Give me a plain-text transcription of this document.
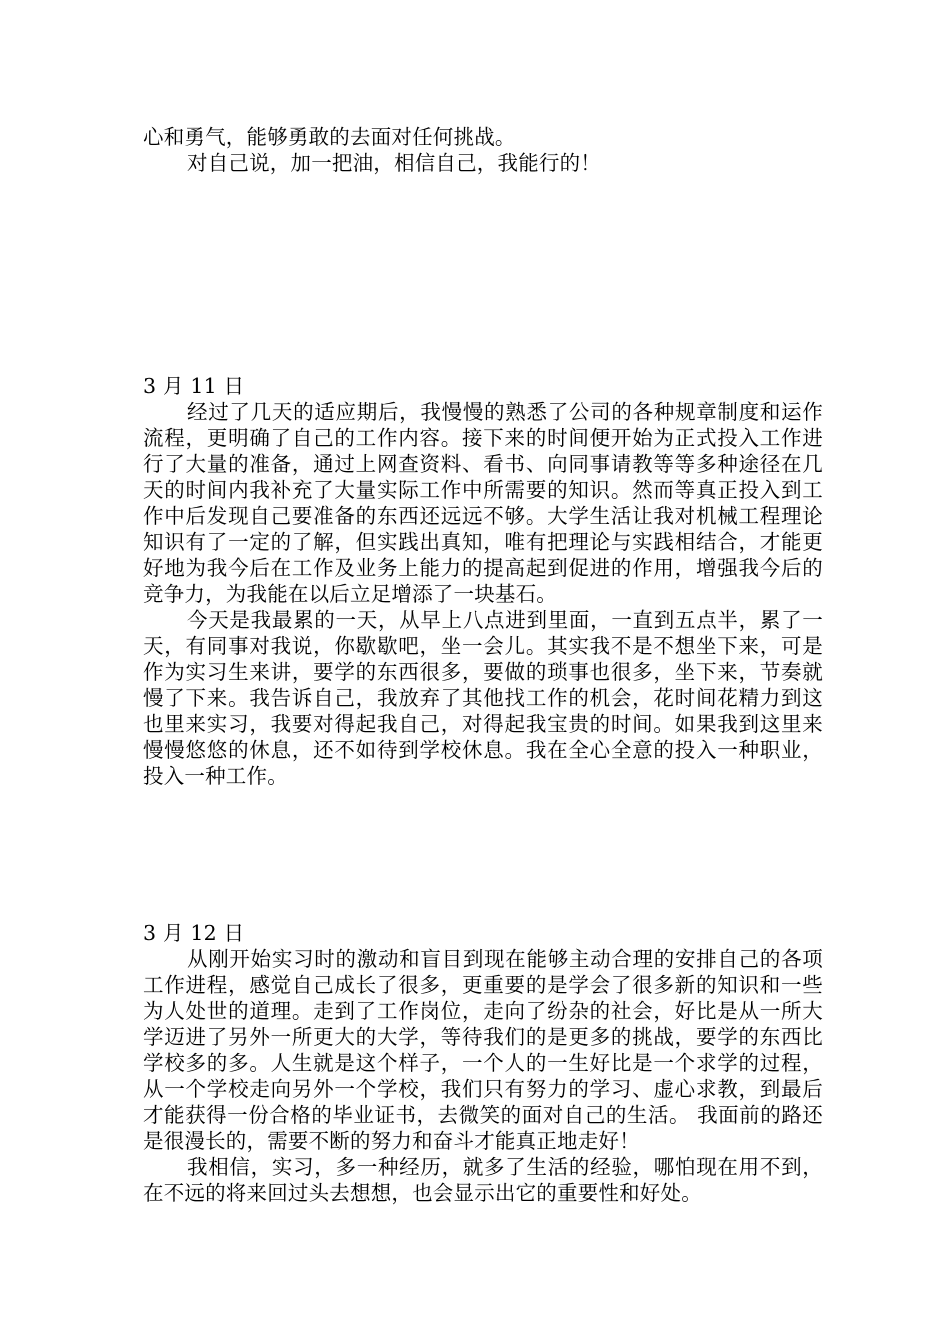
心和勇气，能够勇敢的去面对任何挑战。

对自己说，加一把油，相信自己，我能行的！

3 月 11 日

经过了几天的适应期后，我慢慢的熟悉了公司的各种规章制度和运作流程，更明确了自己的工作内容。接下来的时间便开始为正式投入工作进行了大量的准备，通过上网查资料、看书、向同事请教等等多种途径在几天的时间内我补充了大量实际工作中所需要的知识。然而等真正投入到工作中后发现自己要准备的东西还远远不够。大学生活让我对机械工程理论知识有了一定的了解，但实践出真知，唯有把理论与实践相结合，才能更好地为我今后在工作及业务上能力的提高起到促进的作用，增强我今后的竞争力，为我能在以后立足增添了一块基石。

今天是我最累的一天，从早上八点进到里面，一直到五点半，累了一天，有同事对我说，你歇歇吧，坐一会儿。其实我不是不想坐下来，可是作为实习生来讲，要学的东西很多，要做的琐事也很多，坐下来，节奏就慢了下来。我告诉自己，我放弃了其他找工作的机会，花时间花精力到这也里来实习，我要对得起我自己，对得起我宝贵的时间。如果我到这里来慢慢悠悠的休息，还不如待到学校休息。我在全心全意的投入一种职业，投入一种工作。

3 月 12 日

从刚开始实习时的激动和盲目到现在能够主动合理的安排自己的各项工作进程，感觉自己成长了很多，更重要的是学会了很多新的知识和一些为人处世的道理。走到了工作岗位，走向了纷杂的社会，好比是从一所大学迈进了另外一所更大的大学，等待我们的是更多的挑战，要学的东西比学校多的多。人生就是这个样子，一个人的一生好比是一个求学的过程，从一个学校走向另外一个学校，我们只有努力的学习、虚心求教，到最后才能获得一份合格的毕业证书，去微笑的面对自己的生活。 我面前的路还是很漫长的，需要不断的努力和奋斗才能真正地走好！

我相信，实习，多一种经历，就多了生活的经验，哪怕现在用不到，在不远的将来回过头去想想，也会显示出它的重要性和好处。
